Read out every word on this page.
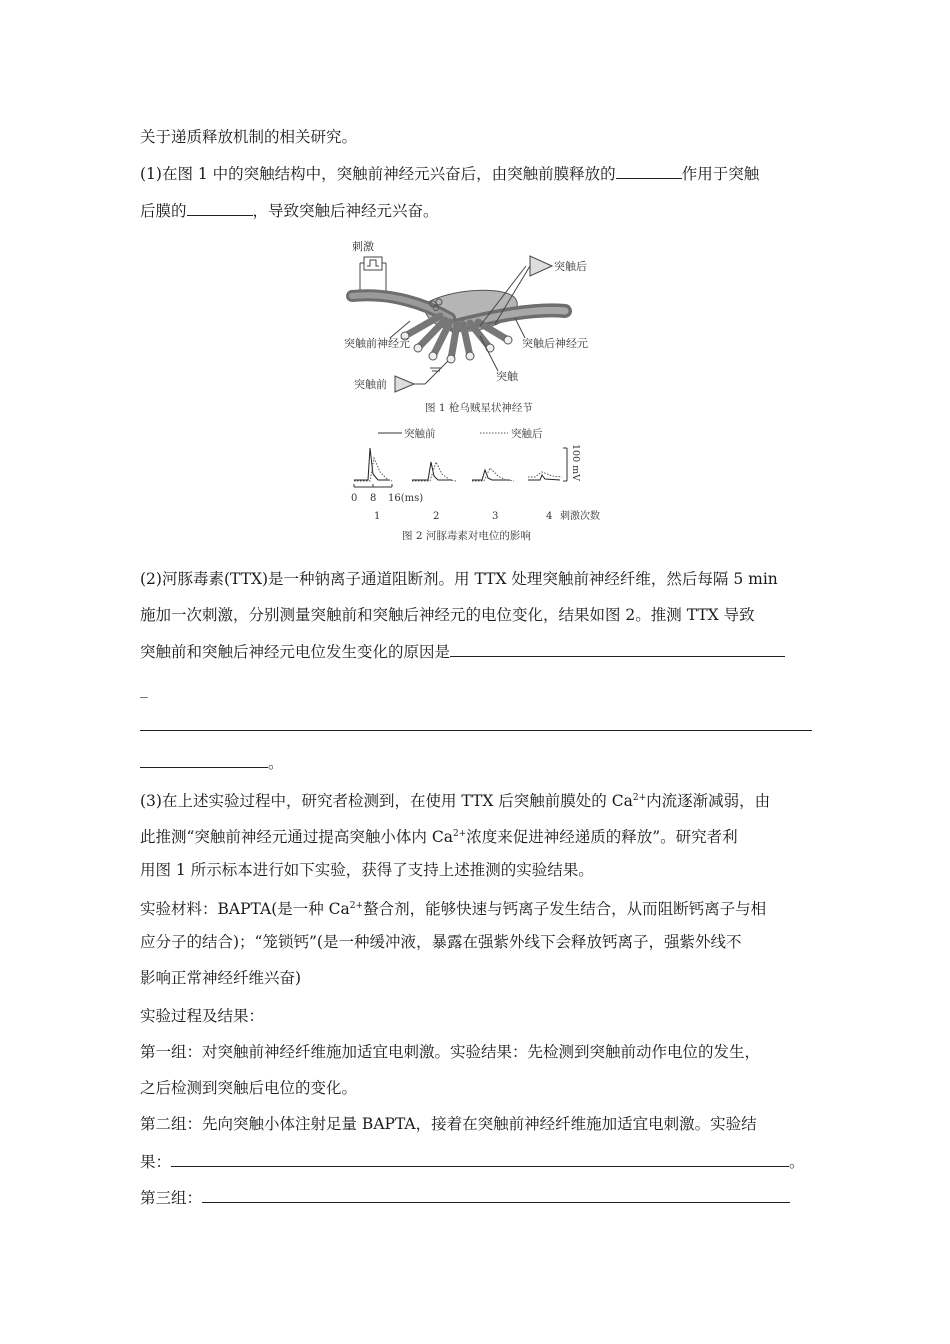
关于递质释放机制的相关研究。
(1)在图 1 中的突触结构中，突触前神经元兴奋后，由突触前膜释放的	作用于突触
后膜的	，导致突触后神经元兴奋。
刺激
突触后
突触前神经元	突触后神经元
突触
突触前
图 1 枪乌贼星状神经节
突触前	突触后
100 mV
0 8 16(ms)
1	2	3	4 刺激次数
图 2 河豚毒素对电位的影响
(2)河豚毒素(TTX)是一种钠离子通道阻断剂。用 TTX 处理突触前神经纤维，然后每隔 5 min
施加一次刺激，分别测量突触前和突触后神经元的电位变化，结果如图 2。推测 TTX 导致
突触前和突触后神经元电位发生变化的原因是
_
。
(3)在上述实验过程中，研究者检测到，在使用 TTX 后突触前膜处的 $Ca^{2+}$内流逐渐减弱，由
此推测“突触前神经元通过提高突触小体内 $Ca^{2+}$浓度来促进神经递质的释放”。研究者利
用图 1 所示标本进行如下实验，获得了支持上述推测的实验结果。
实验材料：BAPTA(是一种 $Ca^{2+}$螯合剂，能够快速与钙离子发生结合，从而阻断钙离子与相
应分子的结合)；“笼锁钙”(是一种缓冲液，暴露在强紫外线下会释放钙离子，强紫外线不
影响正常神经纤维兴奋)
实验过程及结果：
第一组：对突触前神经纤维施加适宜电刺激。实验结果：先检测到突触前动作电位的发生，
之后检测到突触后电位的变化。
第二组：先向突触小体注射足量 BAPTA，接着在突触前神经纤维施加适宜电刺激。实验结
果：	。
第三组：
